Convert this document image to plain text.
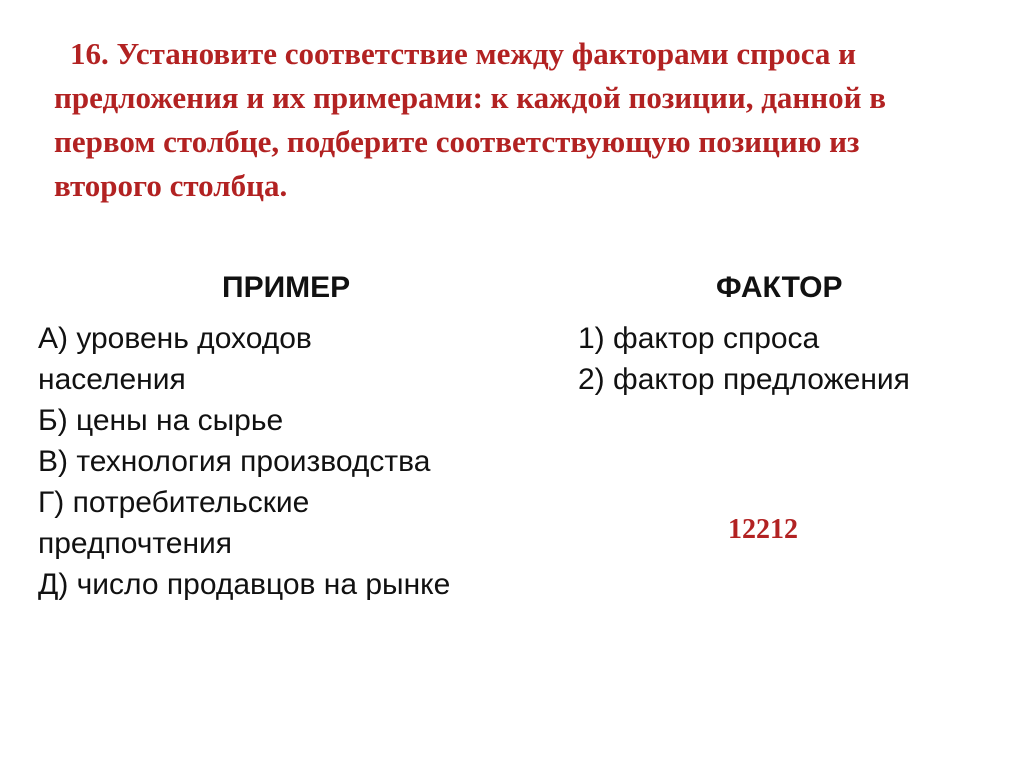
16. Установите соответствие между факторами спроса и
предложения и их примерами: к каждой позиции, данной в
первом столбце, подберите соответствующую позицию из
второго столбца.
ПРИМЕР	ФАКТОР
А) уровень доходов
населения
Б) цены на сырье
В) технология производства
Г) потребительские
предпочтения
Д) число продавцов на рынке
1) фактор спроса
2) фактор предложения
12212
